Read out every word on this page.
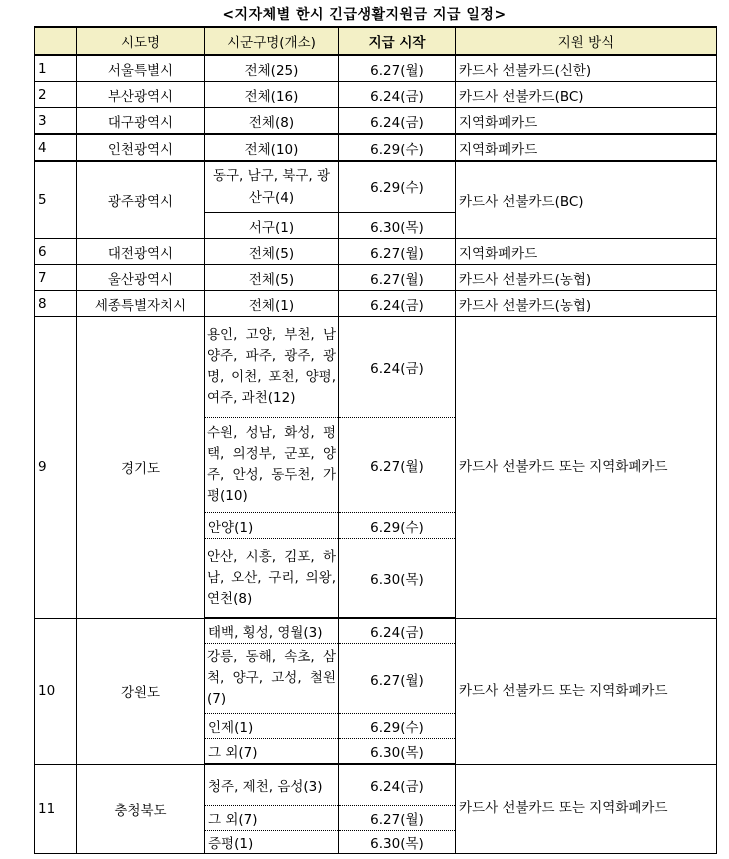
<지자체별 한시 긴급생활지원금 지급 일정>
	시도명	시군구명(개소)	지급 시작	지원 방식
1	서울특별시	전체(25)	6.27(월)	카드사 선불카드(신한)
2	부산광역시	전체(16)	6.24(금)	카드사 선불카드(BC)
3	대구광역시	전체(8)	6.24(금)	지역화폐카드
4	인천광역시	전체(10)	6.29(수)	지역화폐카드
5	광주광역시	동구, 남구, 북구, 광산구(4)	6.29(수)	카드사 선불카드(BC)
		서구(1)	6.30(목)	
6	대전광역시	전체(5)	6.27(월)	지역화폐카드
7	울산광역시	전체(5)	6.27(월)	카드사 선불카드(농협)
8	세종특별자치시	전체(1)	6.24(금)	카드사 선불카드(농협)
9	경기도	용인, 고양, 부천, 남양주, 파주, 광주, 광명, 이천, 포천, 양평, 여주, 과천(12)	6.24(금)	카드사 선불카드 또는 지역화폐카드
		수원, 성남, 화성, 평택, 의정부, 군포, 양주, 안성, 동두천, 가평(10)	6.27(월)	
		안양(1)	6.29(수)	
		안산, 시흥, 김포, 하남, 오산, 구리, 의왕, 연천(8)	6.30(목)	
10	강원도	태백, 횡성, 영월(3)	6.24(금)	카드사 선불카드 또는 지역화폐카드
		강릉, 동해, 속초, 삼척, 양구, 고성, 철원(7)	6.27(월)	
		인제(1)	6.29(수)	
		그 외(7)	6.30(목)	
11	충청북도	청주, 제천, 음성(3)	6.24(금)	카드사 선불카드 또는 지역화폐카드
		그 외(7)	6.27(월)	
		증평(1)	6.30(목)	
